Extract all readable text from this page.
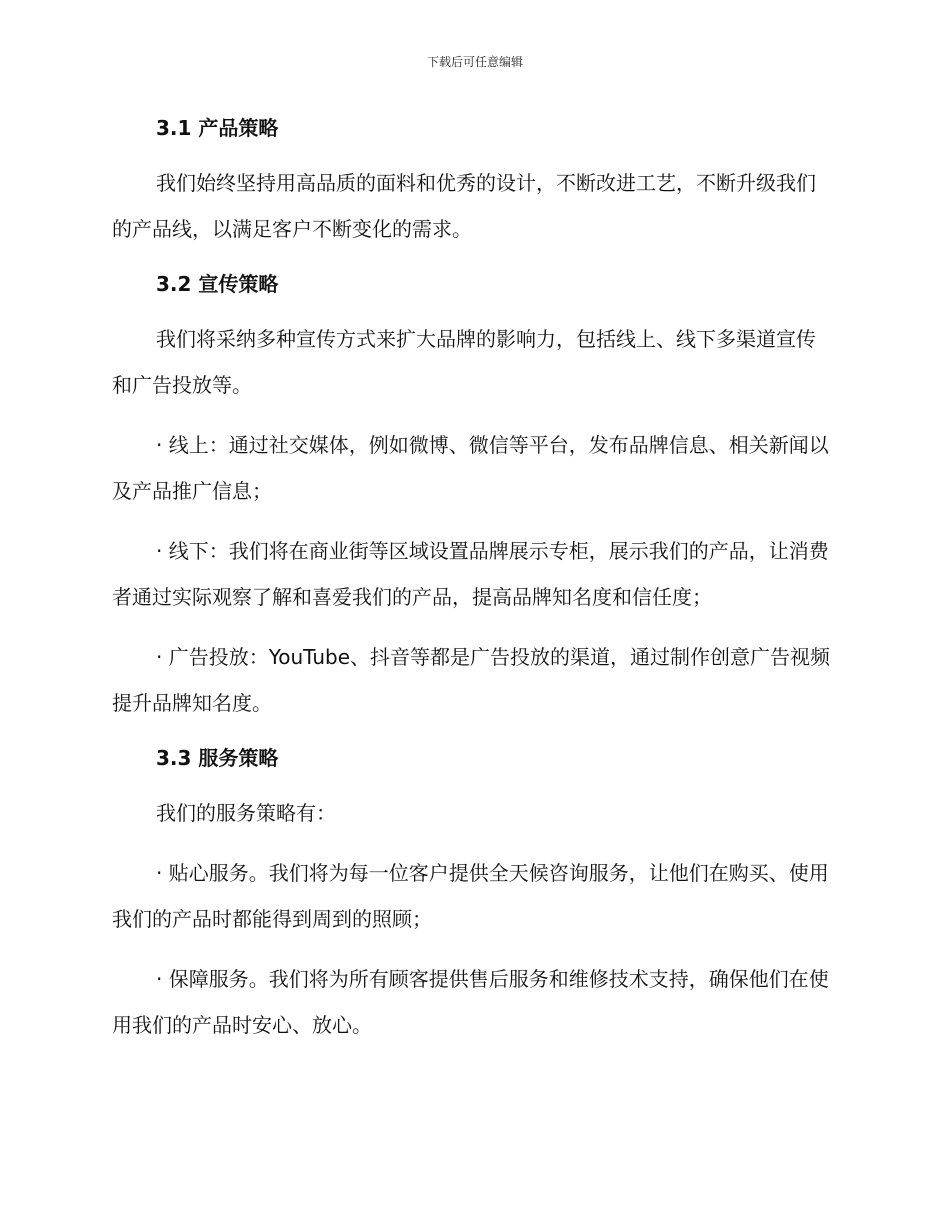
下载后可任意编辑
3.1 产品策略

我们始终坚持用高品质的面料和优秀的设计，不断改进工艺，不断升级我们的产品线，以满足客户不断变化的需求。

3.2 宣传策略

我们将采纳多种宣传方式来扩大品牌的影响力，包括线上、线下多渠道宣传和广告投放等。

· 线上：通过社交媒体，例如微博、微信等平台，发布品牌信息、相关新闻以及产品推广信息；

· 线下：我们将在商业街等区域设置品牌展示专柜，展示我们的产品，让消费者通过实际观察了解和喜爱我们的产品，提高品牌知名度和信任度；

· 广告投放：YouTube、抖音等都是广告投放的渠道，通过制作创意广告视频提升品牌知名度。

3.3 服务策略

我们的服务策略有：

· 贴心服务。我们将为每一位客户提供全天候咨询服务，让他们在购买、使用我们的产品时都能得到周到的照顾；

· 保障服务。我们将为所有顾客提供售后服务和维修技术支持，确保他们在使用我们的产品时安心、放心。
